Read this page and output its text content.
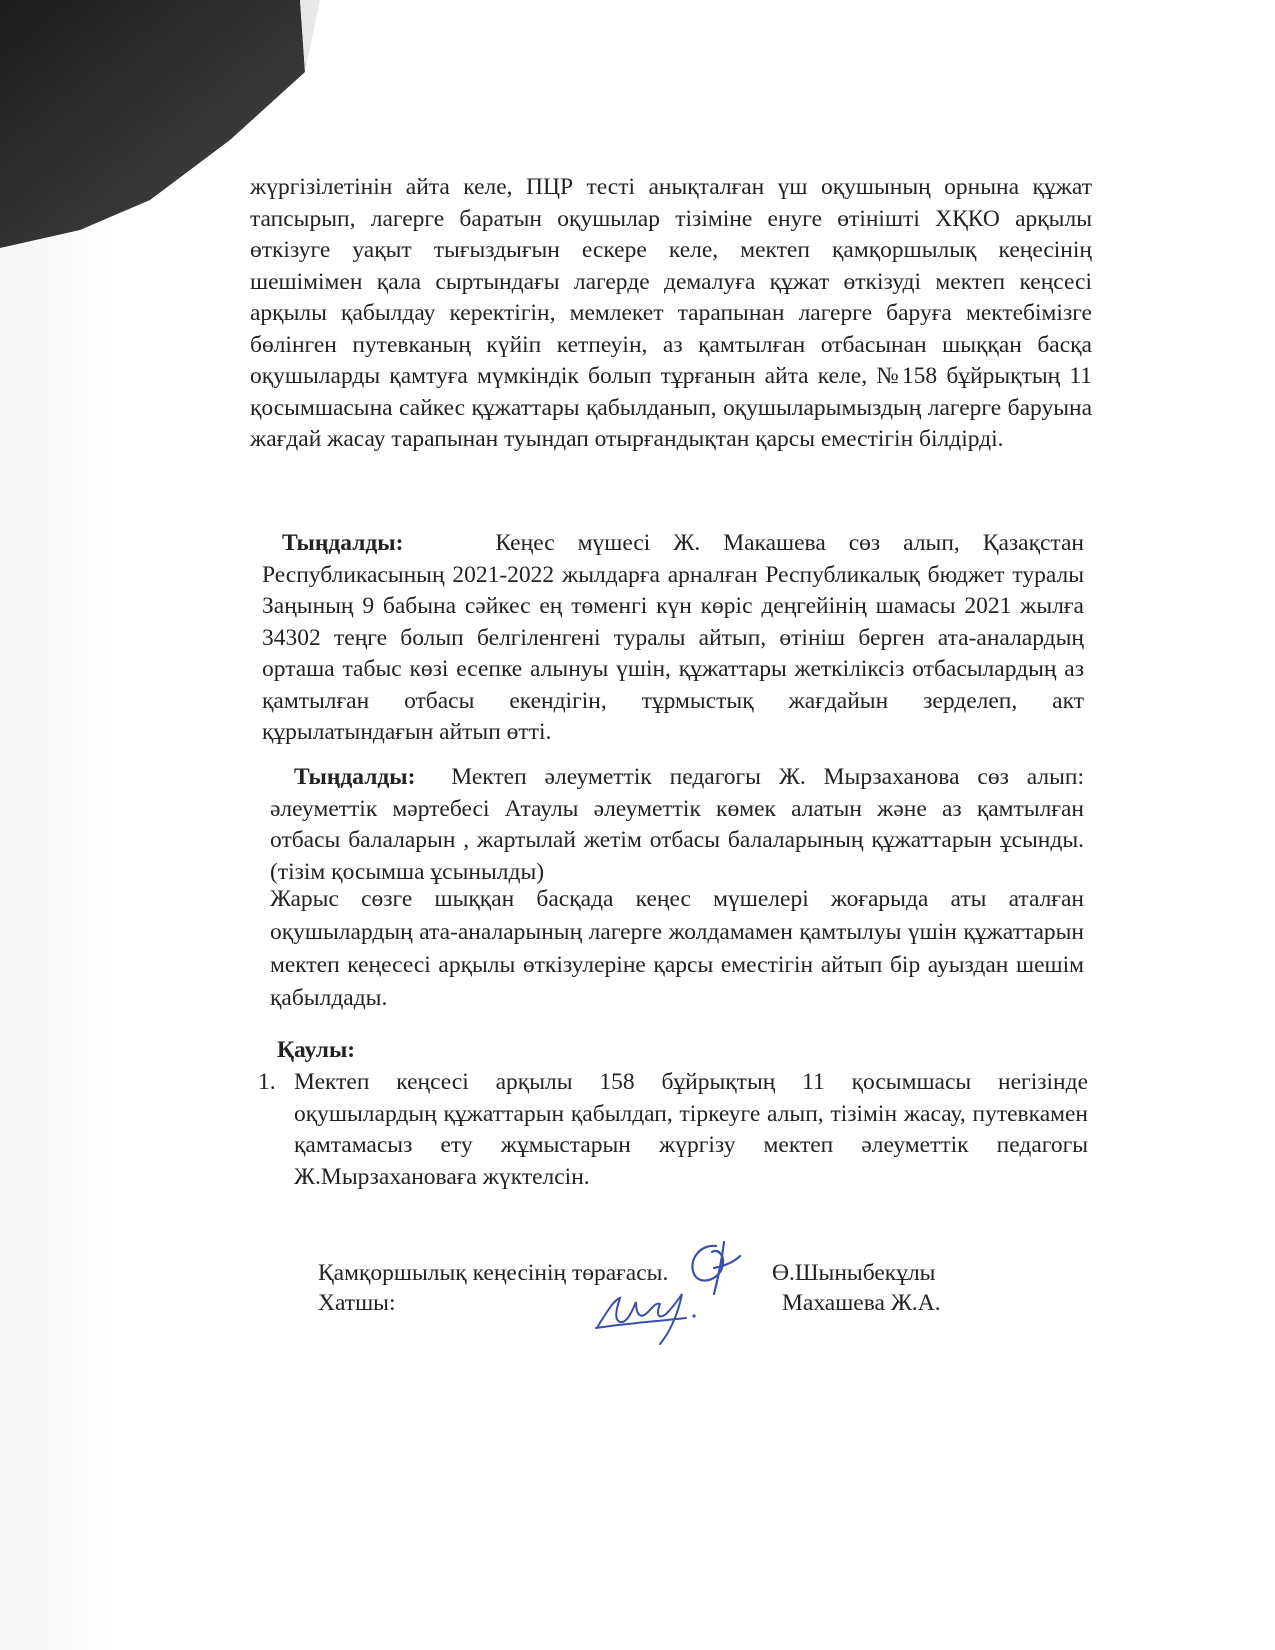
жүргізілетінін айта келе, ПЦР тесті анықталған үш оқушының орнына құжат тапсырып, лагерге баратын оқушылар тізіміне енуге өтінішті ХҚКО арқылы өткізуге уақыт тығыздығын ескере келе, мектеп қамқоршылық кеңесінің шешімімен қала сыртындағы лагерде демалуға құжат өткізуді мектеп кеңсесі арқылы қабылдау керектігін, мемлекет тарапынан лагерге баруға мектебімізге бөлінген путевканың күйіп кетпеуін, аз қамтылған отбасынан шыққан басқа оқушыларды қамтуға мүмкіндік болып тұрғанын айта келе, №158 бұйрықтың 11 қосымшасына сайкес құжаттары қабылданып, оқушыларымыздың лагерге баруына жағдай жасау тарапынан туындап отырғандықтан қарсы еместігін білдірді.
Тыңдалды:	Кеңес мүшесі Ж. Макашева сөз алып, Қазақстан Республикасының 2021-2022 жылдарға арналған Республикалық бюджет туралы Заңының 9 бабына сәйкес ең төменгі күн көріс деңгейінің шамасы 2021 жылға 34302 теңге болып белгіленгені туралы айтып, өтініш берген ата-аналардың орташа табыс көзі есепке алынуы үшін, құжаттары жеткіліксіз отбасылардың аз қамтылған отбасы екендігін, тұрмыстық жағдайын зерделеп, акт құрылатындағын айтып өтті.
Тыңдалды: Мектеп әлеуметтік педагогы Ж. Мырзаханова сөз алып: әлеуметтік мәртебесі Атаулы әлеуметтік көмек алатын және аз қамтылған отбасы балаларын , жартылай жетім отбасы балаларының құжаттарын ұсынды. (тізім қосымша ұсынылды)
Жарыс сөзге шыққан басқада кеңес мүшелері жоғарыда аты аталған оқушылардың ата-аналарының лагерге жолдамамен қамтылуы үшін құжаттарын мектеп кеңесесі арқылы өткізулеріне қарсы еместігін айтып бір ауыздан шешім қабылдады.
Қаулы:
1. Мектеп кеңсесі арқылы 158 бұйрықтың 11 қосымшасы негізінде оқушылардың құжаттарын қабылдап, тіркеуге алып, тізімін жасау, путевкамен қамтамасыз ету жұмыстарын жүргізу мектеп әлеуметтік педагогы Ж.Мырзахановаға жүктелсін.
Қамқоршылық кеңесінің төрағасы.	Ө.Шыныбекұлы
Хатшы:	Махашева Ж.А.
